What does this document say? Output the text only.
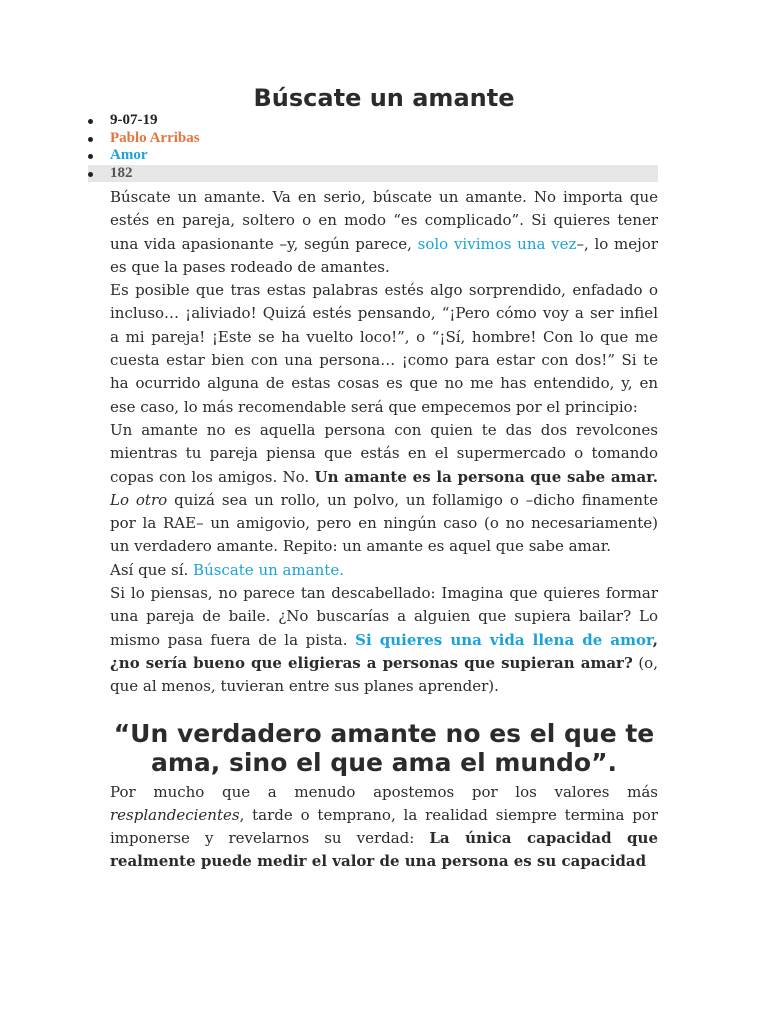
Búscate un amante
9-07-19
Pablo Arribas
Amor
182

Búscate un amante. Va en serio, búscate un amante. No importa que estés en pareja, soltero o en modo “es complicado”. Si quieres tener una vida apasionante –y, según parece, solo vivimos una vez–, lo mejor es que la pases rodeado de amantes.

Es posible que tras estas palabras estés algo sorprendido, enfadado o incluso… ¡aliviado! Quizá estés pensando, “¡Pero cómo voy a ser infiel a mi pareja! ¡Este se ha vuelto loco!”, o “¡Sí, hombre! Con lo que me cuesta estar bien con una persona… ¡como para estar con dos!” Si te ha ocurrido alguna de estas cosas es que no me has entendido, y, en ese caso, lo más recomendable será que empecemos por el principio:

Un amante no es aquella persona con quien te das dos revolcones mientras tu pareja piensa que estás en el supermercado o tomando copas con los amigos. No. Un amante es la persona que sabe amar. Lo otro quizá sea un rollo, un polvo, un follamigo o –dicho finamente por la RAE– un amigovio, pero en ningún caso (o no necesariamente) un verdadero amante. Repito: un amante es aquel que sabe amar.

Así que sí. Búscate un amante.

Si lo piensas, no parece tan descabellado: Imagina que quieres formar una pareja de baile. ¿No buscarías a alguien que supiera bailar? Lo mismo pasa fuera de la pista. Si quieres una vida llena de amor, ¿no sería bueno que eligieras a personas que supieran amar? (o, que al menos, tuvieran entre sus planes aprender).

“Un verdadero amante no es el que te ama, sino el que ama el mundo”.

Por mucho que a menudo apostemos por los valores más resplandecientes, tarde o temprano, la realidad siempre termina por imponerse y revelarnos su verdad: La única capacidad que realmente puede medir el valor de una persona es su capacidad
